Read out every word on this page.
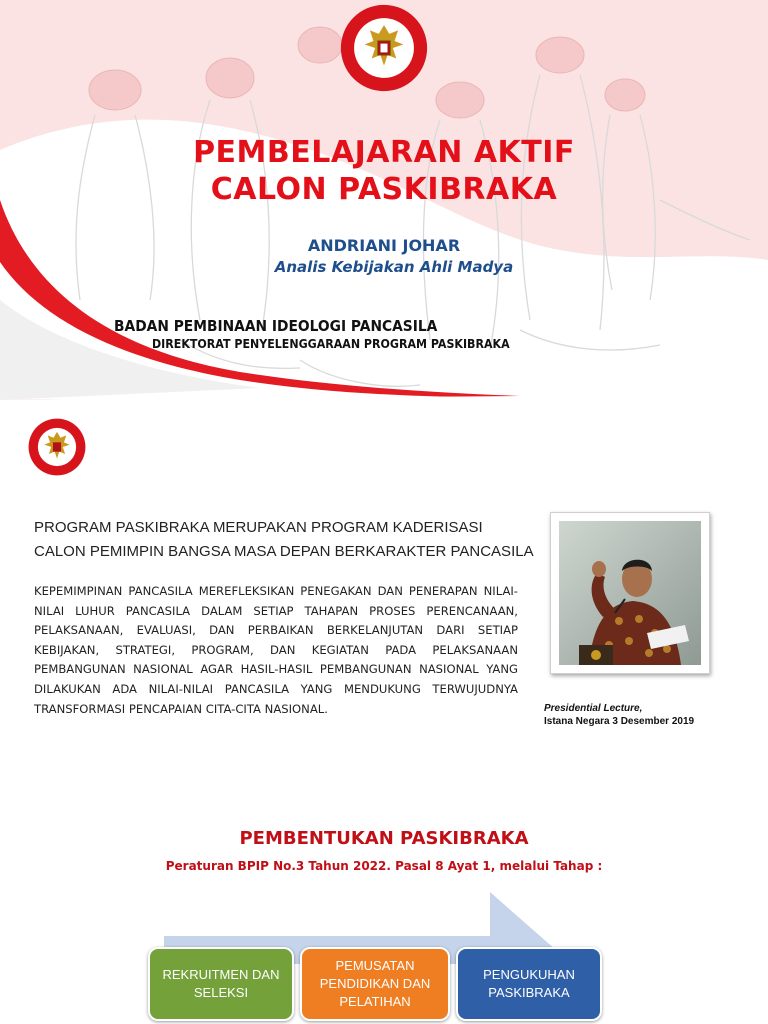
PEMBELAJARAN AKTIF
CALON PASKIBRAKA
ANDRIANI JOHAR
Analis Kebijakan Ahli Madya
BADAN PEMBINAAN IDEOLOGI PANCASILA
DIREKTORAT PENYELENGGARAAN PROGRAM PASKIBRAKA
PROGRAM PASKIBRAKA MERUPAKAN PROGRAM KADERISASI
CALON PEMIMPIN BANGSA MASA DEPAN BERKARAKTER PANCASILA
KEPEMIMPINAN PANCASILA MEREFLEKSIKAN PENEGAKAN DAN PENERAPAN NILAI-NILAI LUHUR PANCASILA DALAM SETIAP TAHAPAN PROSES PERENCANAAN, PELAKSANAAN, EVALUASI, DAN PERBAIKAN BERKELANJUTAN DARI SETIAP KEBIJAKAN, STRATEGI, PROGRAM, DAN KEGIATAN PADA PELAKSANAAN PEMBANGUNAN NASIONAL AGAR HASIL-HASIL PEMBANGUNAN NASIONAL YANG DILAKUKAN ADA NILAI-NILAI PANCASILA YANG MENDUKUNG TERWUJUDNYA TRANSFORMASI PENCAPAIAN CITA-CITA NASIONAL.	Presidential Lecture,
Istana Negara 3 Desember 2019
PEMBENTUKAN PASKIBRAKA
Peraturan BPIP No.3 Tahun 2022. Pasal 8 Ayat 1, melalui Tahap :
REKRUITMEN DAN SELEKSI
PEMUSATAN PENDIDIKAN DAN PELATIHAN
PENGUKUHAN PASKIBRAKA
